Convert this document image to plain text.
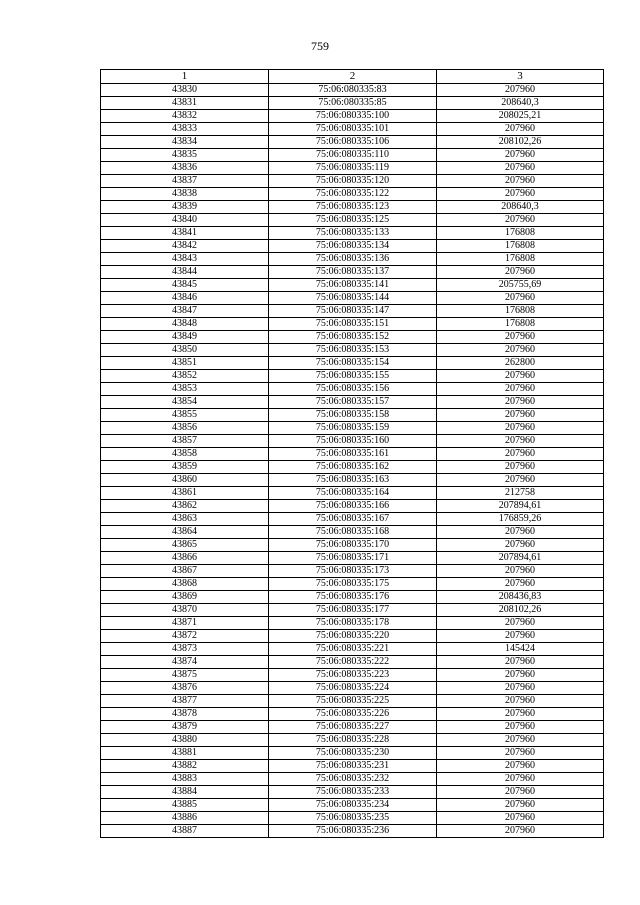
759
1	2	3
43830	75:06:080335:83	207960
43831	75:06:080335:85	208640,3
43832	75:06:080335:100	208025,21
43833	75:06:080335:101	207960
43834	75:06:080335:106	208102,26
43835	75:06:080335:110	207960
43836	75:06:080335:119	207960
43837	75:06:080335:120	207960
43838	75:06:080335:122	207960
43839	75:06:080335:123	208640,3
43840	75:06:080335:125	207960
43841	75:06:080335:133	176808
43842	75:06:080335:134	176808
43843	75:06:080335:136	176808
43844	75:06:080335:137	207960
43845	75:06:080335:141	205755,69
43846	75:06:080335:144	207960
43847	75:06:080335:147	176808
43848	75:06:080335:151	176808
43849	75:06:080335:152	207960
43850	75:06:080335:153	207960
43851	75:06:080335:154	262800
43852	75:06:080335:155	207960
43853	75:06:080335:156	207960
43854	75:06:080335:157	207960
43855	75:06:080335:158	207960
43856	75:06:080335:159	207960
43857	75:06:080335:160	207960
43858	75:06:080335:161	207960
43859	75:06:080335:162	207960
43860	75:06:080335:163	207960
43861	75:06:080335:164	212758
43862	75:06:080335:166	207894,61
43863	75:06:080335:167	176859,26
43864	75:06:080335:168	207960
43865	75:06:080335:170	207960
43866	75:06:080335:171	207894,61
43867	75:06:080335:173	207960
43868	75:06:080335:175	207960
43869	75:06:080335:176	208436,83
43870	75:06:080335:177	208102,26
43871	75:06:080335:178	207960
43872	75:06:080335:220	207960
43873	75:06:080335:221	145424
43874	75:06:080335:222	207960
43875	75:06:080335:223	207960
43876	75:06:080335:224	207960
43877	75:06:080335:225	207960
43878	75:06:080335:226	207960
43879	75:06:080335:227	207960
43880	75:06:080335:228	207960
43881	75:06:080335:230	207960
43882	75:06:080335:231	207960
43883	75:06:080335:232	207960
43884	75:06:080335:233	207960
43885	75:06:080335:234	207960
43886	75:06:080335:235	207960
43887	75:06:080335:236	207960
